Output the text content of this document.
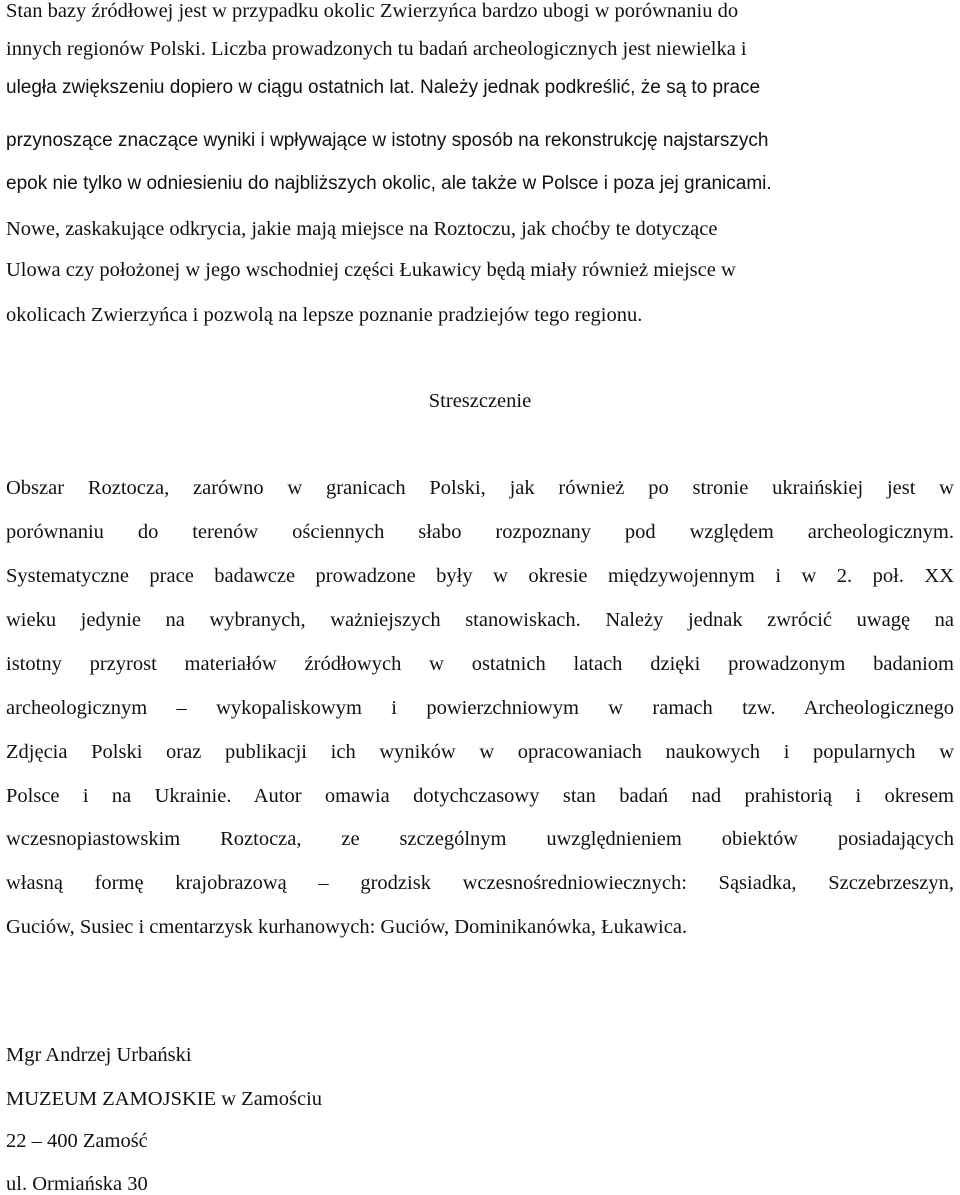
Stan bazy źródłowej jest w przypadku okolic Zwierzyńca bardzo ubogi w porównaniu do
innych regionów Polski. Liczba prowadzonych tu badań archeologicznych jest niewielka i
uległa zwiększeniu dopiero w ciągu ostatnich lat. Należy jednak podkreślić, że są to prace
przynoszące znaczące wyniki i wpływające w istotny sposób na rekonstrukcję najstarszych
epok nie tylko w odniesieniu do najbliższych okolic, ale także w Polsce i poza jej granicami.
Nowe, zaskakujące odkrycia, jakie mają miejsce na Roztoczu, jak choćby te dotyczące
Ulowa czy położonej w jego wschodniej części Łukawicy będą miały również miejsce w
okolicach Zwierzyńca i pozwolą na lepsze poznanie pradziejów tego regionu.
Streszczenie
Obszar Roztocza, zarówno w granicach Polski, jak również po stronie ukraińskiej jest w
porównaniu do terenów ościennych słabo rozpoznany pod względem archeologicznym.
Systematyczne prace badawcze prowadzone były w okresie międzywojennym i w 2. poł. XX
wieku jedynie na wybranych, ważniejszych stanowiskach. Należy jednak zwrócić uwagę na
istotny przyrost materiałów źródłowych w ostatnich latach dzięki prowadzonym badaniom
archeologicznym – wykopaliskowym i powierzchniowym w ramach tzw. Archeologicznego
Zdjęcia Polski oraz publikacji ich wyników w opracowaniach naukowych i popularnych w
Polsce i na Ukrainie. Autor omawia dotychczasowy stan badań nad prahistorią i okresem
wczesnopiastowskim Roztocza, ze szczególnym uwzględnieniem obiektów posiadających
własną formę krajobrazową – grodzisk wczesnośredniowiecznych: Sąsiadka, Szczebrzeszyn,
Guciów, Susiec i cmentarzysk kurhanowych: Guciów, Dominikanówka, Łukawica.
Mgr Andrzej Urbański
MUZEUM ZAMOJSKIE w Zamościu
22 – 400 Zamość
ul. Ormiańska 30
